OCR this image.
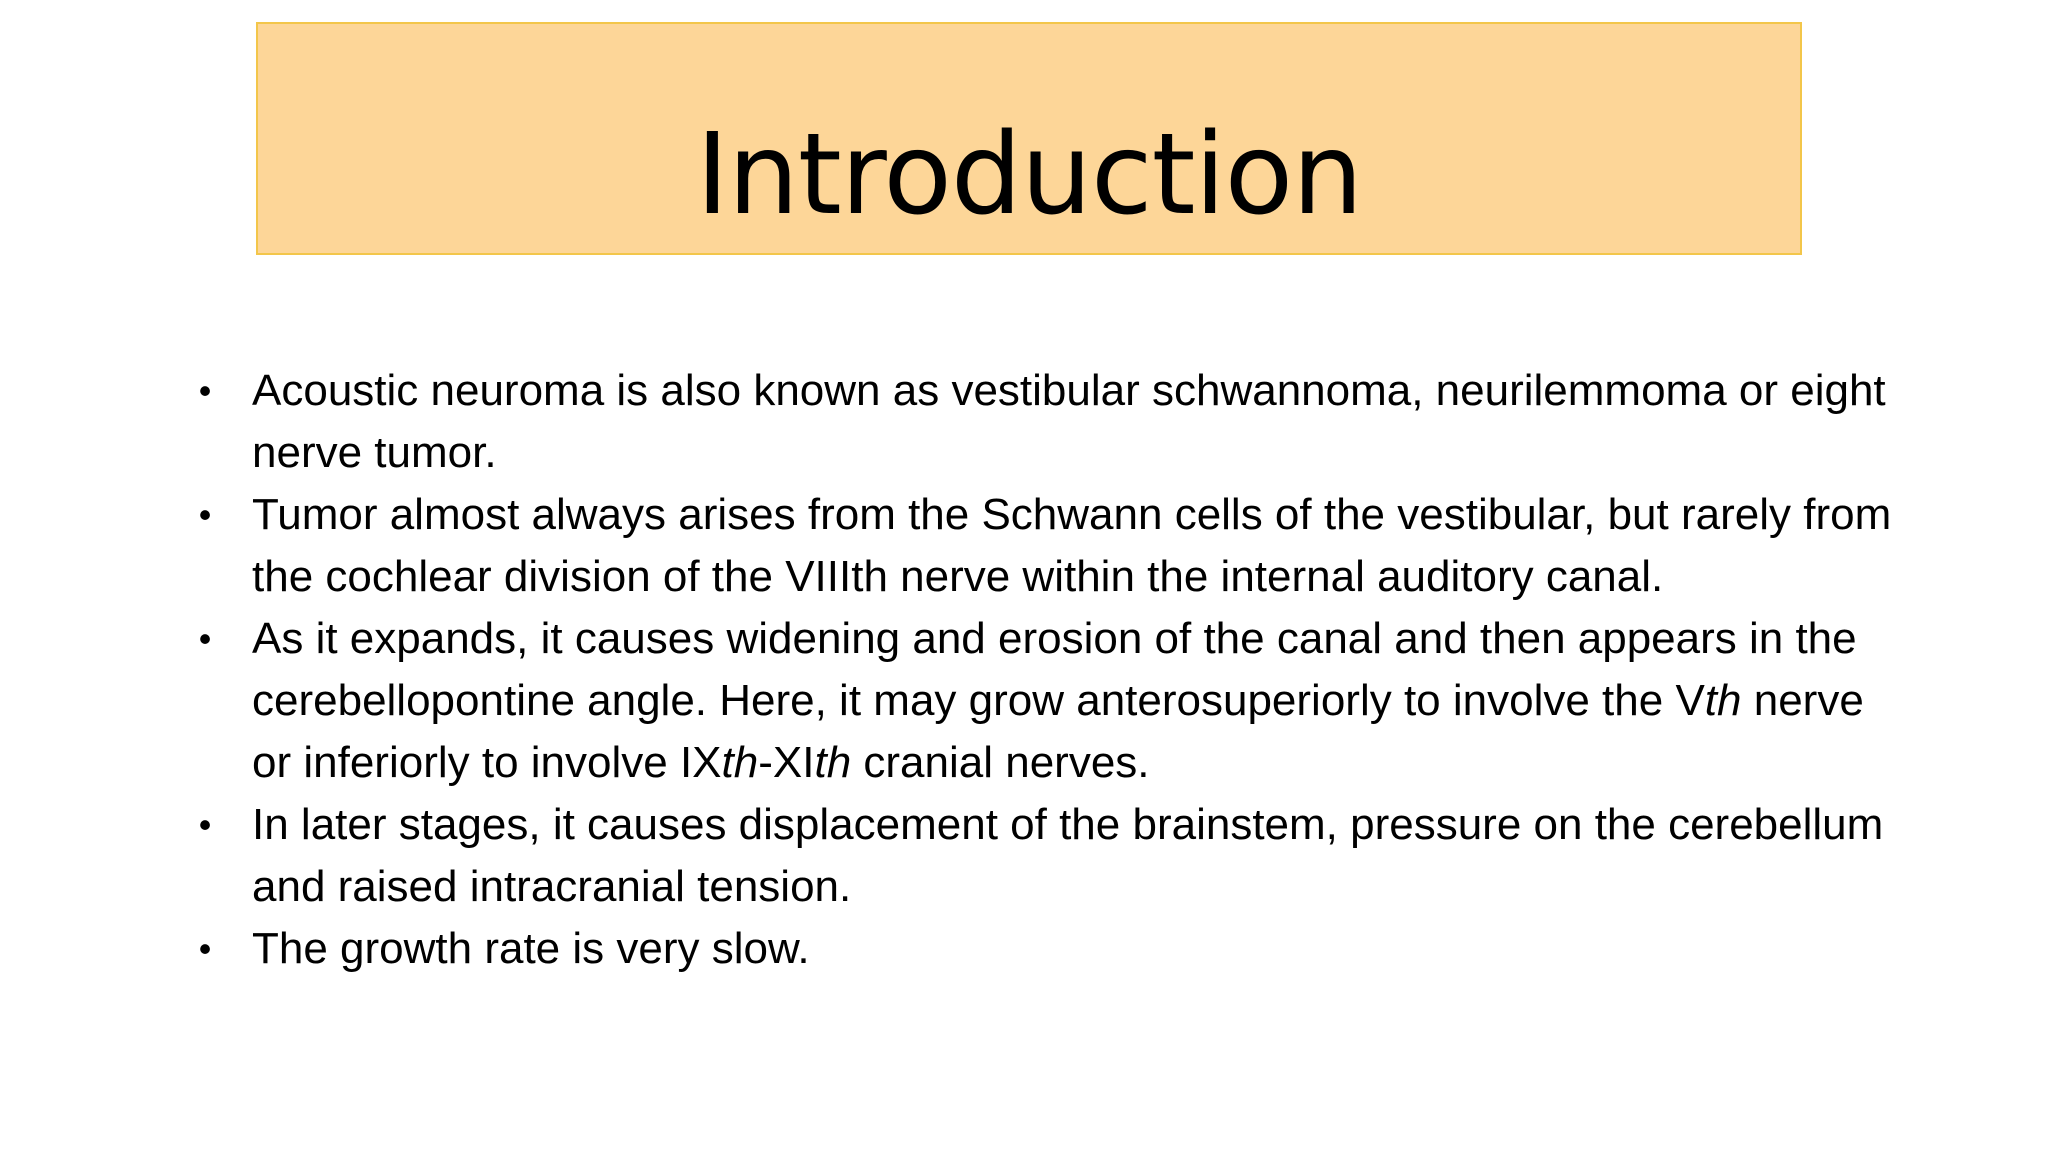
Introduction
• Acoustic neuroma is also known as vestibular schwannoma, neurilemmoma or eight nerve tumor.
• Tumor almost always arises from the Schwann cells of the vestibular, but rarely from the cochlear division of the VIIIth nerve within the internal auditory canal.
• As it expands, it causes widening and erosion of the canal and then appears in the cerebellopontine angle. Here, it may grow anterosuperiorly to involve the Vth nerve or inferiorly to involve IXth-XIth cranial nerves.
• In later stages, it causes displacement of the brainstem, pressure on the cerebellum and raised intracranial tension.
• The growth rate is very slow.
